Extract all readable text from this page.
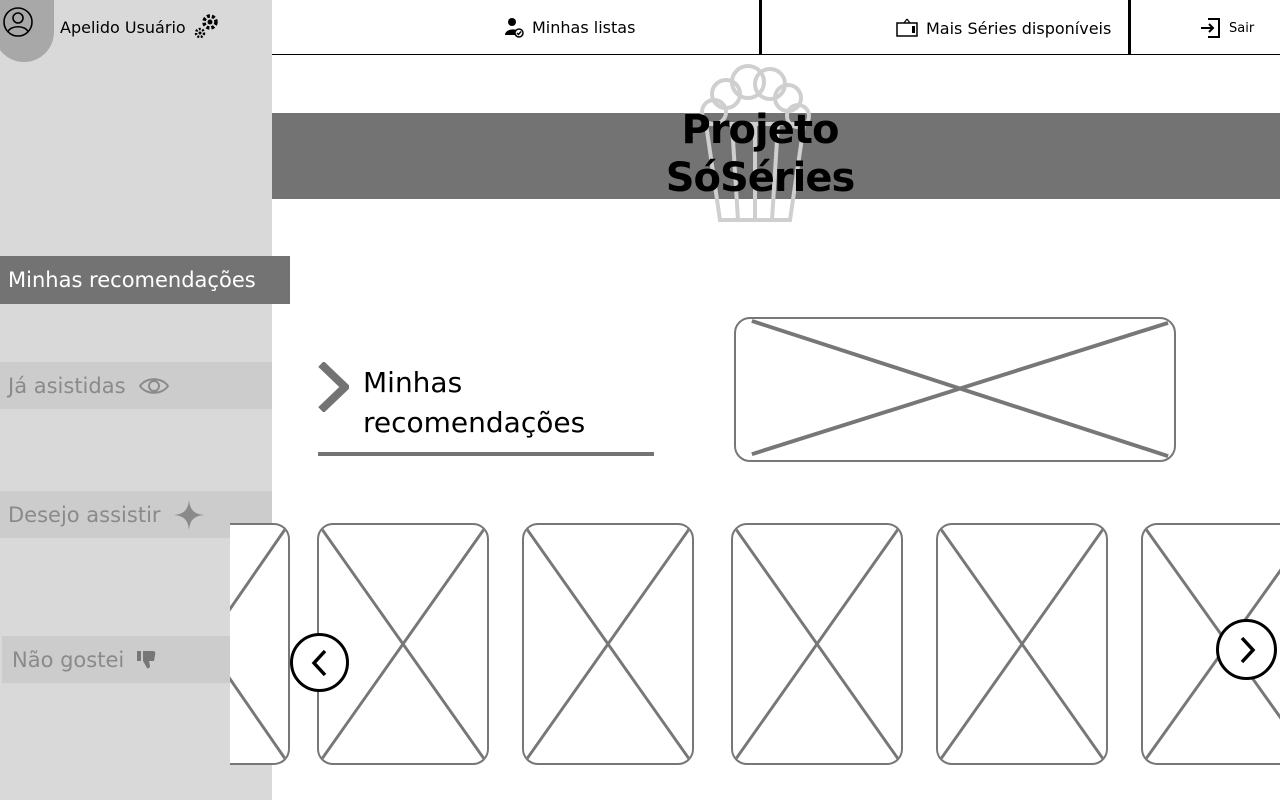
Apelido Usuário
Minhas recomendações
Já asistidas
Desejo assistir
Não gostei
Minhas listas	Mais Séries disponíveis	Sair
Projeto
SóSéries
Minhas
recomendações
